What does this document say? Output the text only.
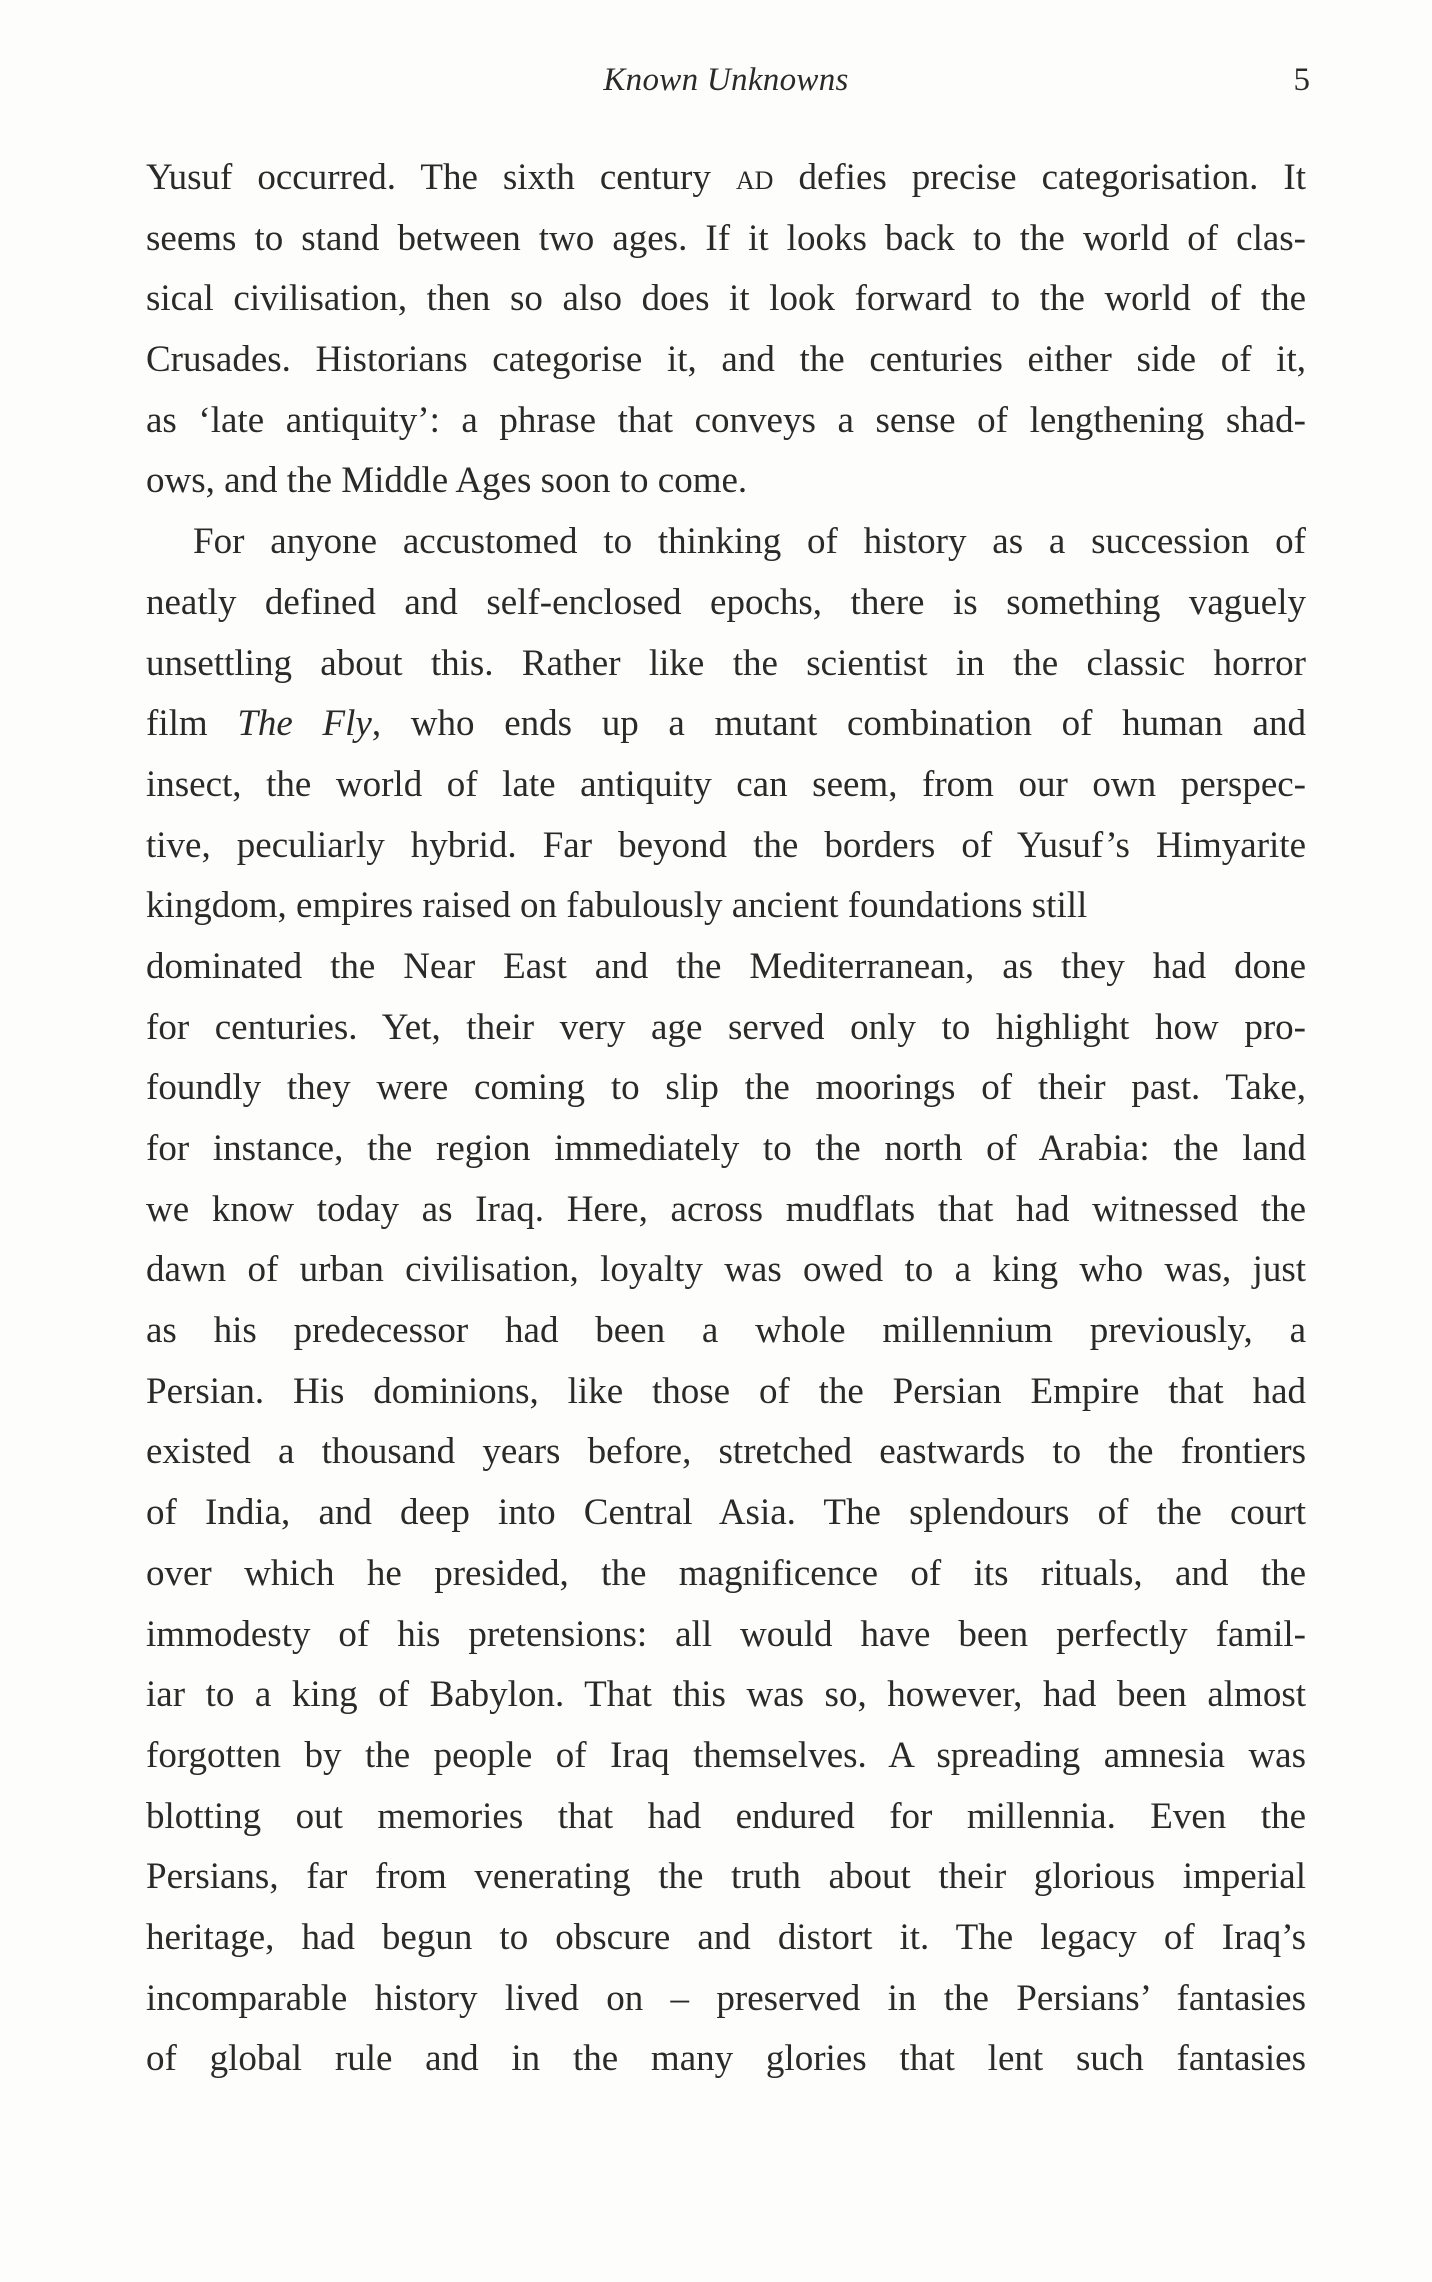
Known Unknowns	5
Yusuf occurred. The sixth century ad defies precise categorisation. It
seems to stand between two ages. If it looks back to the world of clas-
sical civilisation, then so also does it look forward to the world of the
Crusades. Historians categorise it, and the centuries either side of it,
as ‘late antiquity’: a phrase that conveys a sense of lengthening shad-
ows, and the Middle Ages soon to come.
For anyone accustomed to thinking of history as a succession of
neatly defined and self-enclosed epochs, there is something vaguely
unsettling about this. Rather like the scientist in the classic horror
film The Fly, who ends up a mutant combination of human and
insect, the world of late antiquity can seem, from our own perspec-
tive, peculiarly hybrid. Far beyond the borders of Yusuf’s Himyarite
kingdom, empires raised on fabulously ancient foundations still
dominated the Near East and the Mediterranean, as they had done
for centuries. Yet, their very age served only to highlight how pro-
foundly they were coming to slip the moorings of their past. Take,
for instance, the region immediately to the north of Arabia: the land
we know today as Iraq. Here, across mudflats that had witnessed the
dawn of urban civilisation, loyalty was owed to a king who was, just
as his predecessor had been a whole millennium previously, a
Persian. His dominions, like those of the Persian Empire that had
existed a thousand years before, stretched eastwards to the frontiers
of India, and deep into Central Asia. The splendours of the court
over which he presided, the magnificence of its rituals, and the
immodesty of his pretensions: all would have been perfectly famil-
iar to a king of Babylon. That this was so, however, had been almost
forgotten by the people of Iraq themselves. A spreading amnesia was
blotting out memories that had endured for millennia. Even the
Persians, far from venerating the truth about their glorious imperial
heritage, had begun to obscure and distort it. The legacy of Iraq’s
incomparable history lived on – preserved in the Persians’ fantasies
of global rule and in the many glories that lent such fantasies
